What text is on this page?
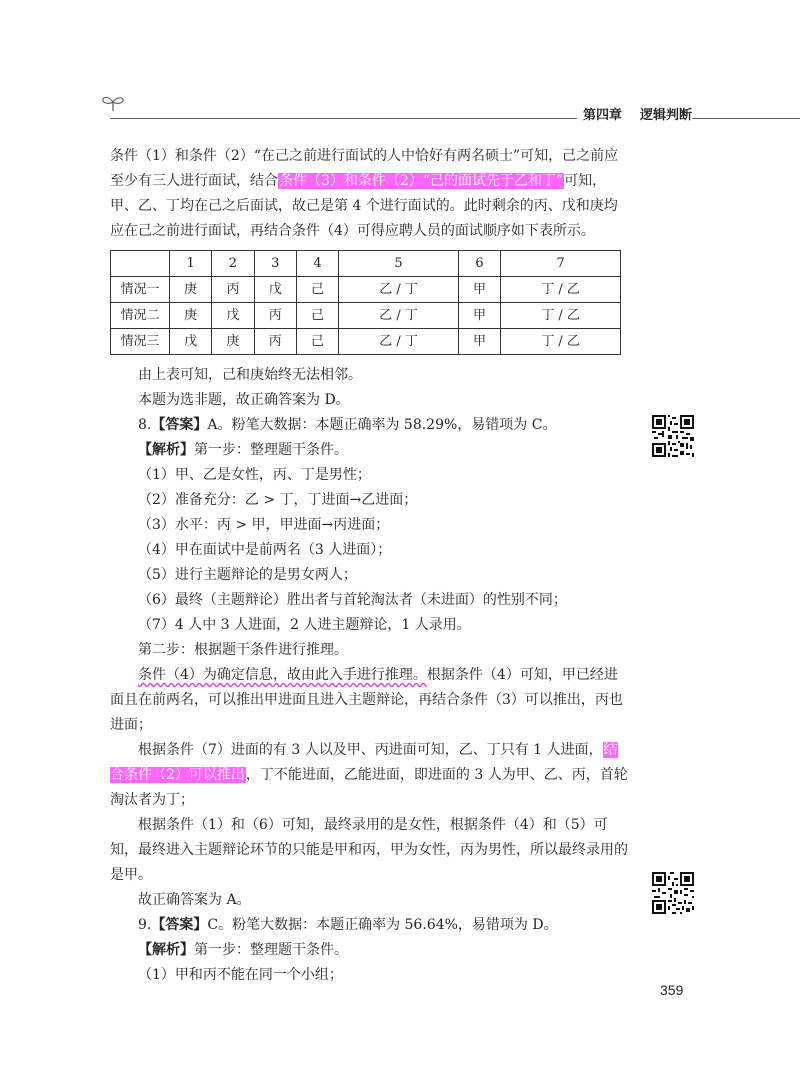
第四章 逻辑判断

条件（1）和条件（2）“在己之前进行面试的人中恰好有两名硕士”可知，己之前应至少有三人进行面试，结合条件（3）和条件（2）“己的面试先于乙和丁”可知，甲、乙、丁均在己之后面试，故己是第 4 个进行面试的。此时剩余的丙、戊和庚均应在己之前进行面试，再结合条件（4）可得应聘人员的面试顺序如下表所示。

	1	2	3	4	5	6	7
情况一	庚	丙	戊	己	乙 / 丁	甲	丁 / 乙
情况二	庚	戊	丙	己	乙 / 丁	甲	丁 / 乙
情况三	戊	庚	丙	己	乙 / 丁	甲	丁 / 乙

由上表可知，己和庚始终无法相邻。

本题为选非题，故正确答案为 D。

8.【答案】A。粉笔大数据：本题正确率为 58.29%，易错项为 C。

【解析】第一步：整理题干条件。

（1）甲、乙是女性，丙、丁是男性；

（2）准备充分：乙 > 丁，丁进面→乙进面；

（3）水平：丙 > 甲，甲进面→丙进面；

（4）甲在面试中是前两名（3 人进面）；

（5）进行主题辩论的是男女两人；

（6）最终（主题辩论）胜出者与首轮淘汰者（未进面）的性别不同；

（7）4 人中 3 人进面，2 人进主题辩论，1 人录用。

第二步：根据题干条件进行推理。

条件（4）为确定信息，故由此入手进行推理。根据条件（4）可知，甲已经进面且在前两名，可以推出甲进面且进入主题辩论，再结合条件（3）可以推出，丙也进面；

根据条件（7）进面的有 3 人以及甲、丙进面可知，乙、丁只有 1 人进面，结合条件（2）可以推出，丁不能进面，乙能进面，即进面的 3 人为甲、乙、丙，首轮淘汰者为丁；

根据条件（1）和（6）可知，最终录用的是女性，根据条件（4）和（5）可知，最终进入主题辩论环节的只能是甲和丙，甲为女性，丙为男性，所以最终录用的是甲。

故正确答案为 A。

9.【答案】C。粉笔大数据：本题正确率为 56.64%，易错项为 D。

【解析】第一步：整理题干条件。

（1）甲和丙不能在同一个小组；

359
